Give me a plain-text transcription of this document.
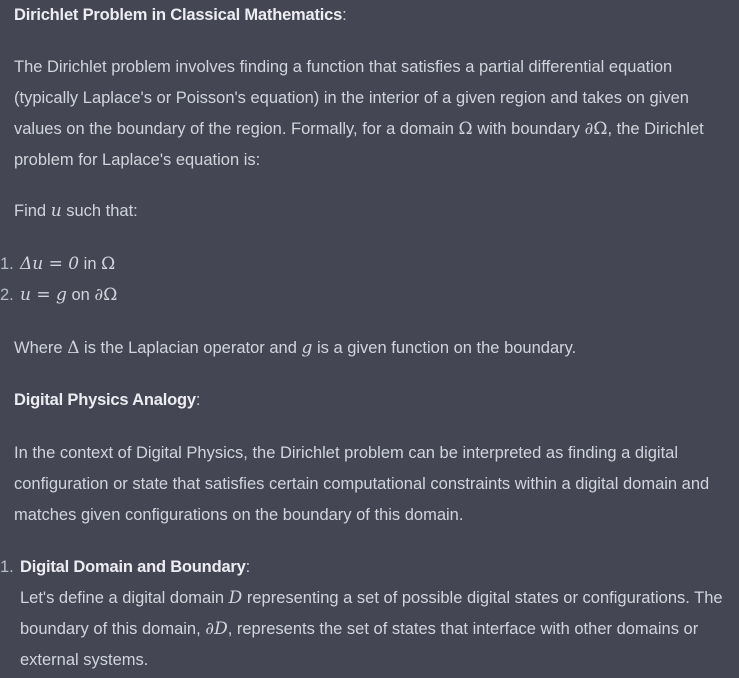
Dirichlet Problem in Classical Mathematics:

The Dirichlet problem involves finding a function that satisfies a partial differential equation (typically Laplace's or Poisson's equation) in the interior of a given region and takes on given values on the boundary of the region. Formally, for a domain Ω with boundary ∂Ω, the Dirichlet problem for Laplace's equation is:

Find u such that:

1. Δu = 0 in Ω
2. u = g on ∂Ω

Where Δ is the Laplacian operator and g is a given function on the boundary.

Digital Physics Analogy:

In the context of Digital Physics, the Dirichlet problem can be interpreted as finding a digital configuration or state that satisfies certain computational constraints within a digital domain and matches given configurations on the boundary of this domain.

1. Digital Domain and Boundary:
Let's define a digital domain D representing a set of possible digital states or configurations. The boundary of this domain, ∂D, represents the set of states that interface with other domains or external systems.
